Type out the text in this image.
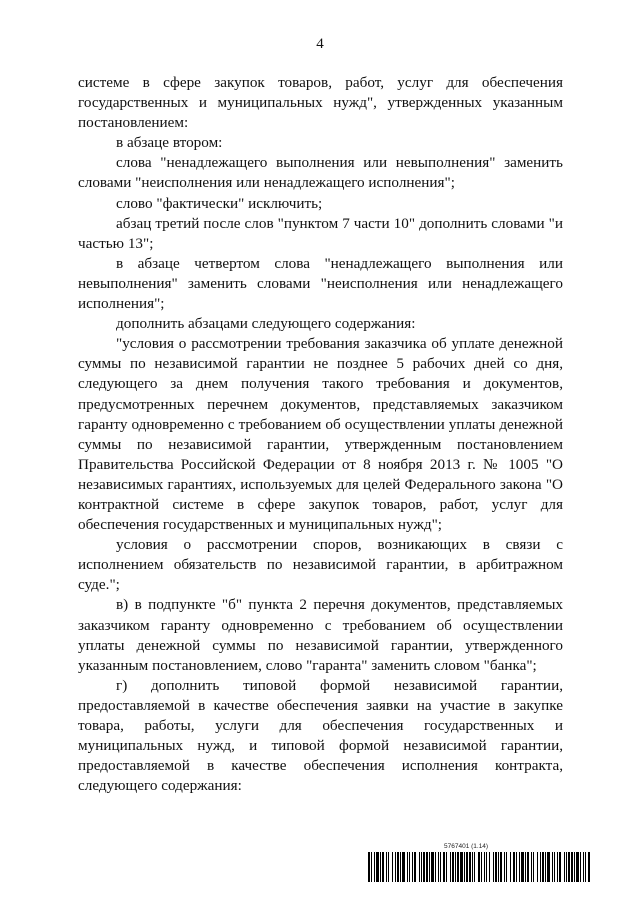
4

системе в сфере закупок товаров, работ, услуг для обеспечения государственных и муниципальных нужд", утвержденных указанным постановлением:

в абзаце втором:

слова "ненадлежащего выполнения или невыполнения" заменить словами "неисполнения или ненадлежащего исполнения";

слово "фактически" исключить;

абзац третий после слов "пунктом 7 части 10" дополнить словами "и частью 13";

в абзаце четвертом слова "ненадлежащего выполнения или невыполнения" заменить словами "неисполнения или ненадлежащего исполнения";

дополнить абзацами следующего содержания:

"условия о рассмотрении требования заказчика об уплате денежной суммы по независимой гарантии не позднее 5 рабочих дней со дня, следующего за днем получения такого требования и документов, предусмотренных перечнем документов, представляемых заказчиком гаранту одновременно с требованием об осуществлении уплаты денежной суммы по независимой гарантии, утвержденным постановлением Правительства Российской Федерации от 8 ноября 2013 г. № 1005 "О независимых гарантиях, используемых для целей Федерального закона "О контрактной системе в сфере закупок товаров, работ, услуг для обеспечения государственных и муниципальных нужд";

условия о рассмотрении споров, возникающих в связи с исполнением обязательств по независимой гарантии, в арбитражном суде.";

в) в подпункте "б" пункта 2 перечня документов, представляемых заказчиком гаранту одновременно с требованием об осуществлении уплаты денежной суммы по независимой гарантии, утвержденного указанным постановлением, слово "гаранта" заменить словом "банка";

г) дополнить типовой формой независимой гарантии, предоставляемой в качестве обеспечения заявки на участие в закупке товара, работы, услуги для обеспечения государственных и муниципальных нужд, и типовой формой независимой гарантии, предоставляемой в качестве обеспечения исполнения контракта, следующего содержания:

5767401 (1.14)
